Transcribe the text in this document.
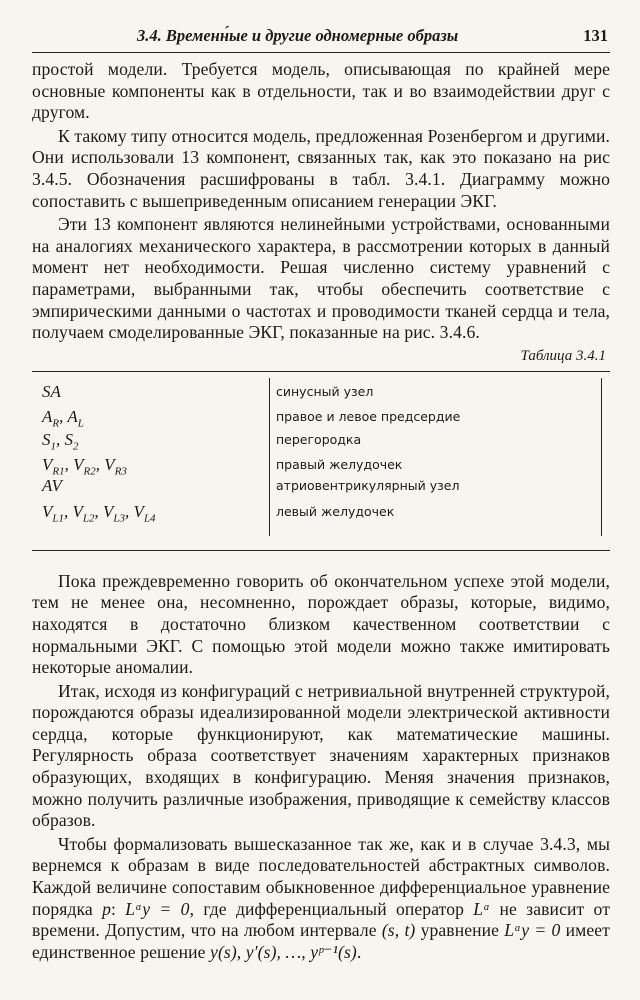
3.4. Временн́ые и другие одномерные образы	131

простой модели. Требуется модель, описывающая по крайней мере основные компоненты как в отдельности, так и во взаимодействии друг с другом.

К такому типу относится модель, предложенная Розенбергом и другими. Они использовали 13 компонент, связанных так, как это показано на рис 3.4.5. Обозначения расшифрованы в табл. 3.4.1. Диаграмму можно сопоставить с вышеприведенным описанием генерации ЭКГ.

Эти 13 компонент являются нелинейными устройствами, основанными на аналогиях механического характера, в рассмотрении которых в данный момент нет необходимости. Решая численно систему уравнений с параметрами, выбранными так, чтобы обеспечить соответствие с эмпирическими данными о частотах и проводимости тканей сердца и тела, получаем смоделированные ЭКГ, показанные на рис. 3.4.6.

Таблица 3.4.1
SA	синусный узел
$A_R$, $A_L$	правое и левое предсердие
$S_1$, $S_2$	перегородка
$V_{R1}$, $V_{R2}$, $V_{R3}$	правый желудочек
AV	атриовентрикулярный узел
$V_{L1}$, $V_{L2}$, $V_{L3}$, $V_{L4}$	левый желудочек

Пока преждевременно говорить об окончательном успехе этой модели, тем не менее она, несомненно, порождает образы, которые, видимо, находятся в достаточно близком качественном соответствии с нормальными ЭКГ. С помощью этой модели можно также имитировать некоторые аномалии.

Итак, исходя из конфигураций с нетривиальной внутренней структурой, порождаются образы идеализированной модели электрической активности сердца, которые функционируют, как математические машины. Регулярность образа соответствует значениям характерных признаков образующих, входящих в конфигурацию. Меняя значения признаков, можно получить различные изображения, приводящие к семейству классов образов.

Чтобы формализовать вышесказанное так же, как и в случае 3.4.3, мы вернемся к образам в виде последовательностей абстрактных символов. Каждой величине сопоставим обыкновенное дифференциальное уравнение порядка p: Lᵅy = 0, где дифференциальный оператор Lᵅ не зависит от времени. Допустим, что на любом интервале (s, t) уравнение Lᵅy = 0 имеет единственное решение y(s), y′(s), …, yᵖ⁻¹(s).
